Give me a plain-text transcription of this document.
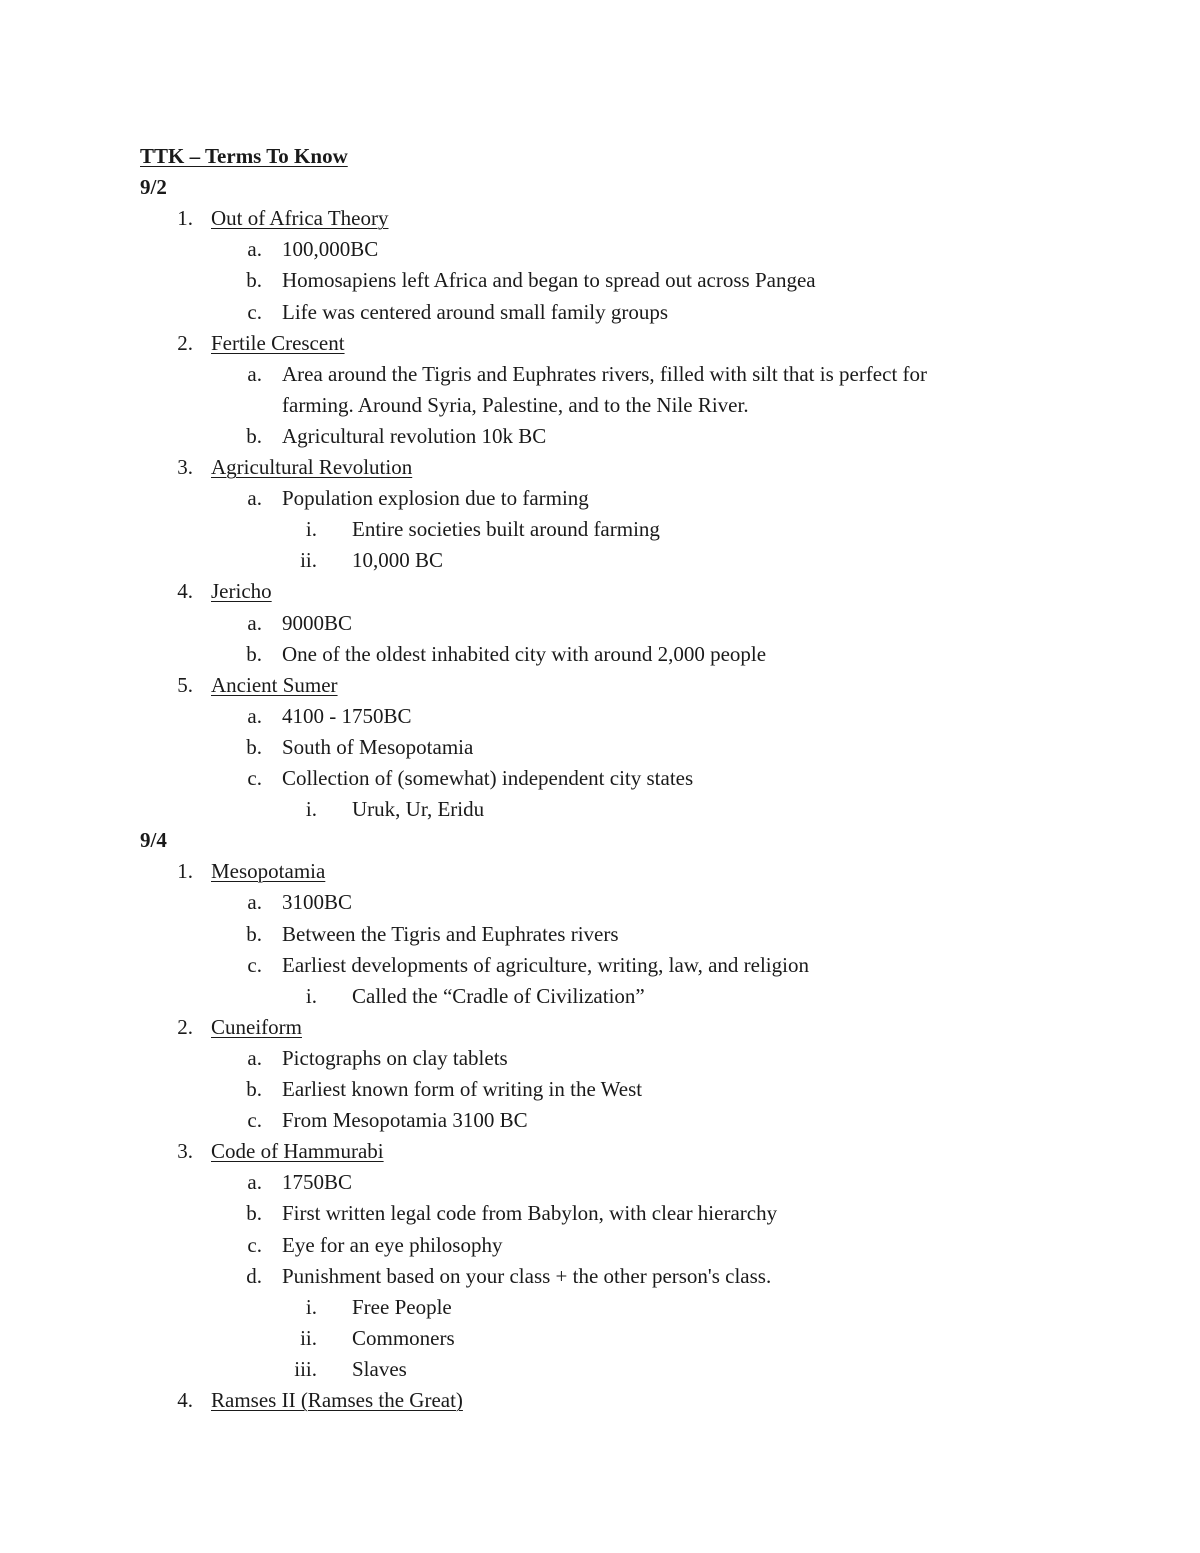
TTK – Terms To Know
9/2
1. Out of Africa Theory
a. 100,000BC
b. Homosapiens left Africa and began to spread out across Pangea
c. Life was centered around small family groups
2. Fertile Crescent
a. Area around the Tigris and Euphrates rivers, filled with silt that is perfect for
farming. Around Syria, Palestine, and to the Nile River.
b. Agricultural revolution 10k BC
3. Agricultural Revolution
a. Population explosion due to farming
i. Entire societies built around farming
ii. 10,000 BC
4. Jericho
a. 9000BC
b. One of the oldest inhabited city with around 2,000 people
5. Ancient Sumer
a. 4100 - 1750BC
b. South of Mesopotamia
c. Collection of (somewhat) independent city states
i. Uruk, Ur, Eridu
9/4
1. Mesopotamia
a. 3100BC
b. Between the Tigris and Euphrates rivers
c. Earliest developments of agriculture, writing, law, and religion
i. Called the “Cradle of Civilization”
2. Cuneiform
a. Pictographs on clay tablets
b. Earliest known form of writing in the West
c. From Mesopotamia 3100 BC
3. Code of Hammurabi
a. 1750BC
b. First written legal code from Babylon, with clear hierarchy
c. Eye for an eye philosophy
d. Punishment based on your class + the other person's class.
i. Free People
ii. Commoners
iii. Slaves
4. Ramses II (Ramses the Great)
